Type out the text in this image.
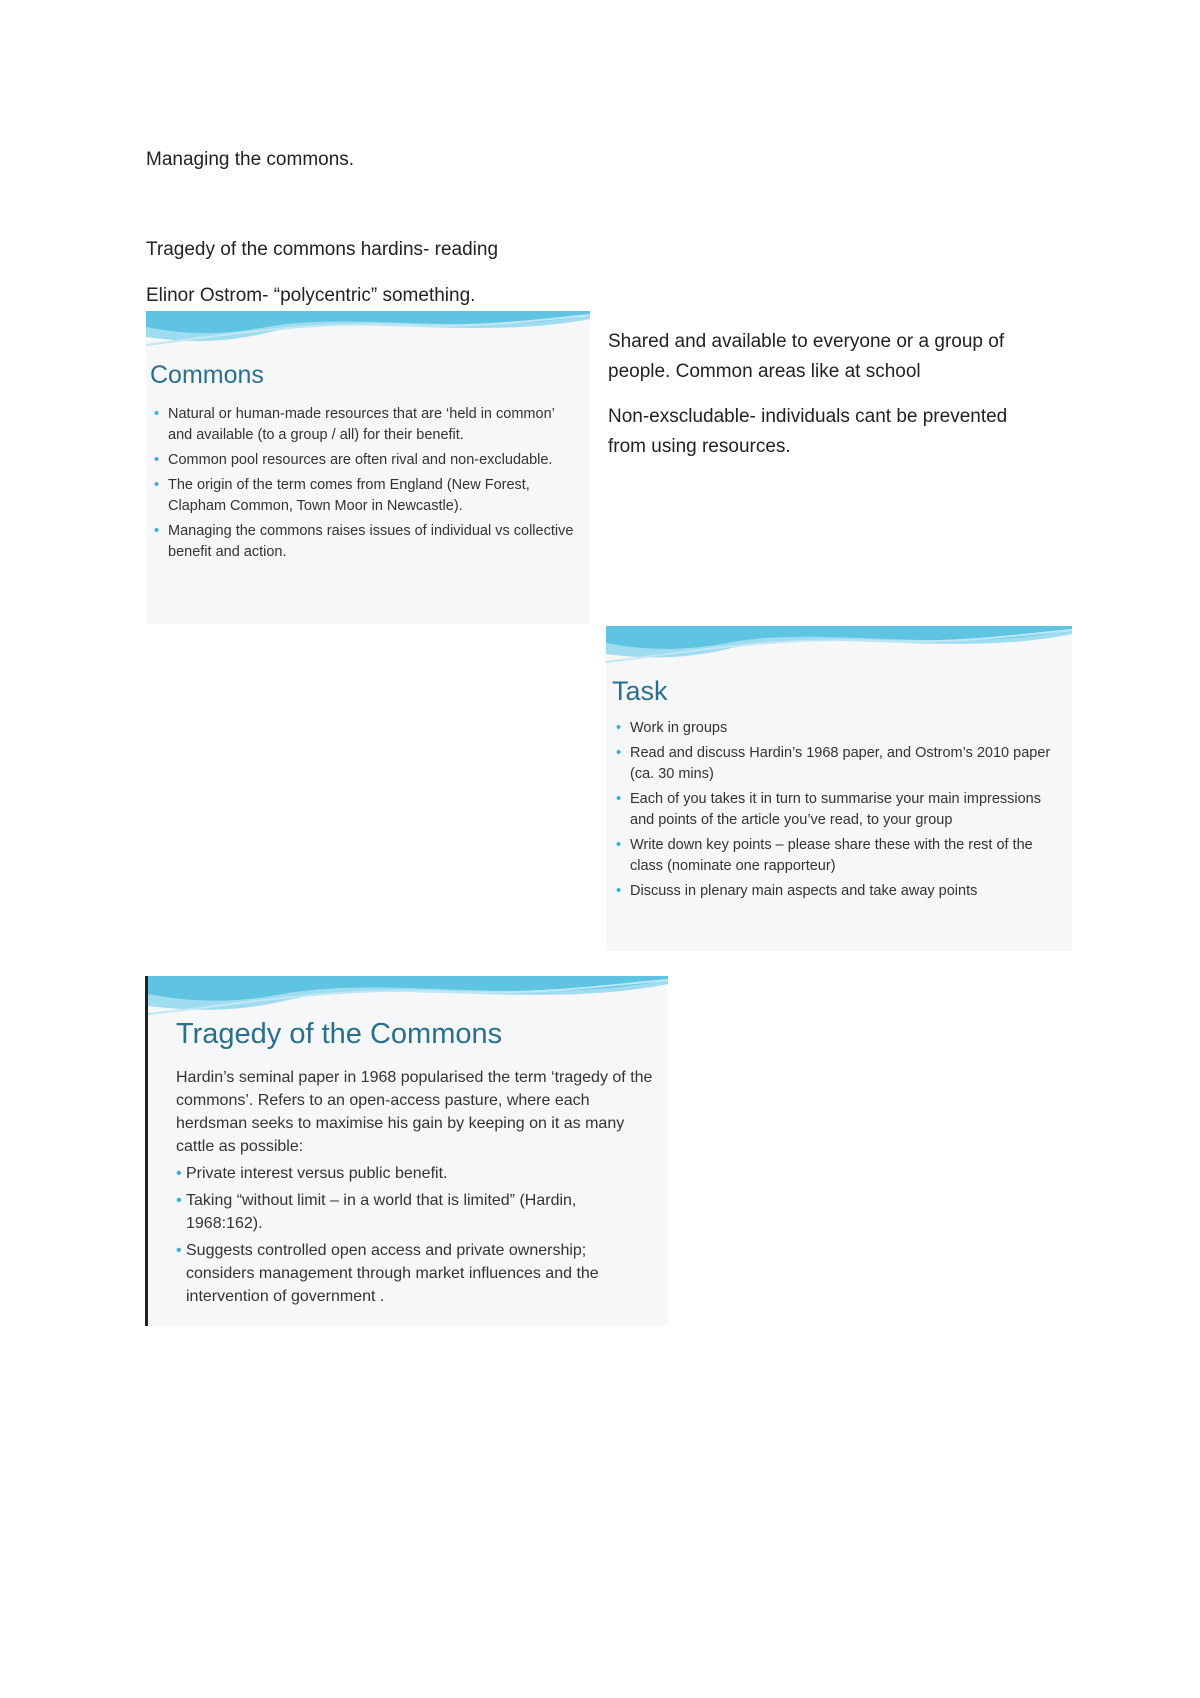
Managing the commons.
Tragedy of the commons hardins- reading
Elinor Ostrom- “polycentric” something.
Shared and available to everyone or a group of people. Common areas like at school
Non-exscludable- individuals cant be prevented from using resources.
Commons
• Natural or human-made resources that are ‘held in common’ and available (to a group / all) for their benefit.
• Common pool resources are often rival and non-excludable.
• The origin of the term comes from England (New Forest, Clapham Common, Town Moor in Newcastle).
• Managing the commons raises issues of individual vs collective benefit and action.
Task
• Work in groups
• Read and discuss Hardin’s 1968 paper, and Ostrom’s 2010 paper (ca. 30 mins)
• Each of you takes it in turn to summarise your main impressions and points of the article you’ve read, to your group
• Write down key points – please share these with the rest of the class (nominate one rapporteur)
• Discuss in plenary main aspects and take away points
Tragedy of the Commons
Hardin’s seminal paper in 1968 popularised the term ‘tragedy of the commons’. Refers to an open-access pasture, where each herdsman seeks to maximise his gain by keeping on it as many cattle as possible:
• Private interest versus public benefit.
• Taking “without limit – in a world that is limited” (Hardin, 1968:162).
• Suggests controlled open access and private ownership; considers management through market influences and the intervention of government .
